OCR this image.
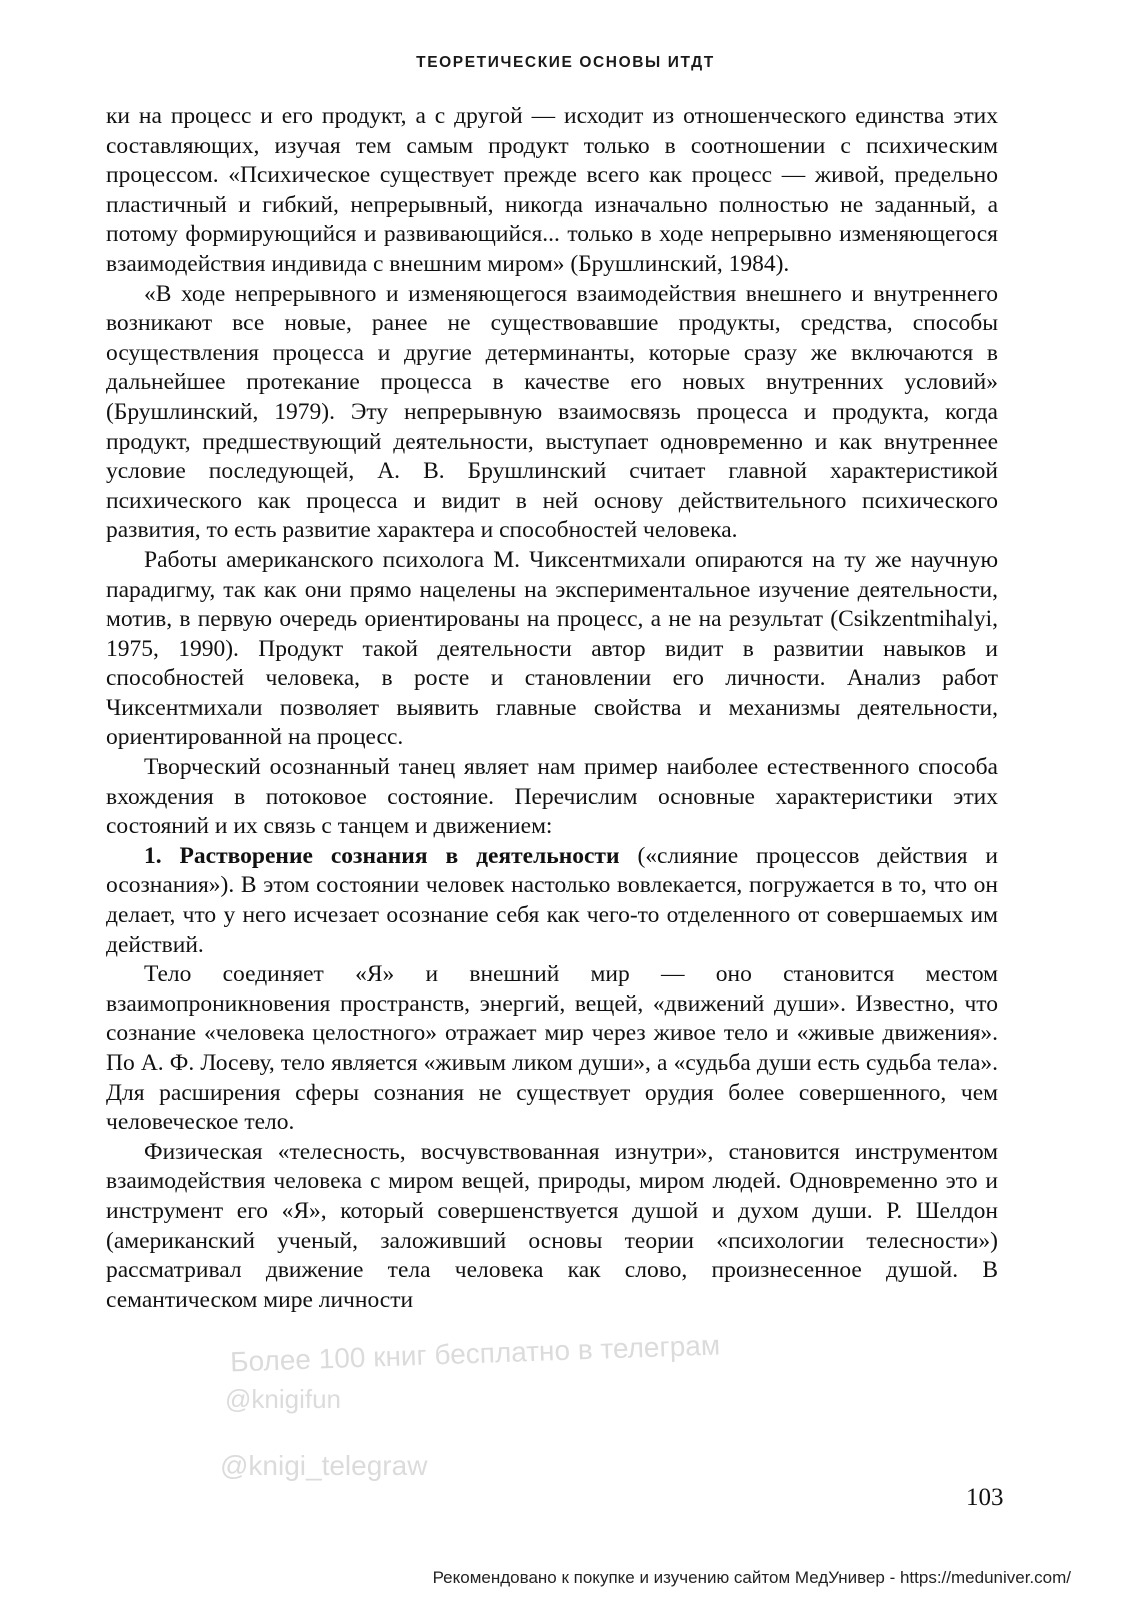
ТЕОРЕТИЧЕСКИЕ ОСНОВЫ ИТДТ

ки на процесс и его продукт, а с другой — исходит из отношенческого единства этих составляющих, изучая тем самым продукт только в соотношении с психическим процессом. «Психическое существует прежде всего как процесс — живой, предельно пластичный и гибкий, непрерывный, никогда изначально полностью не заданный, а потому формирующийся и развивающийся... только в ходе непрерывно изменяющегося взаимодействия индивида с внешним миром» (Брушлинский, 1984).

«В ходе непрерывного и изменяющегося взаимодействия внешнего и внутреннего возникают все новые, ранее не существовавшие продукты, средства, способы осуществления процесса и другие детерминанты, которые сразу же включаются в дальнейшее протекание процесса в качестве его новых внутренних условий» (Брушлинский, 1979). Эту непрерывную взаимосвязь процесса и продукта, когда продукт, предшествующий деятельности, выступает одновременно и как внутреннее условие последующей, А. В. Брушлинский считает главной характеристикой психического как процесса и видит в ней основу действительного психического развития, то есть развитие характера и способностей человека.

Работы американского психолога М. Чиксентмихали опираются на ту же научную парадигму, так как они прямо нацелены на экспериментальное изучение деятельности, мотив, в первую очередь ориентированы на процесс, а не на результат (Csikzentmihalyi, 1975, 1990). Продукт такой деятельности автор видит в развитии навыков и способностей человека, в росте и становлении его личности. Анализ работ Чиксентмихали позволяет выявить главные свойства и механизмы деятельности, ориентированной на процесс.

Творческий осознанный танец являет нам пример наиболее естественного способа вхождения в потоковое состояние. Перечислим основные характеристики этих состояний и их связь с танцем и движением:

1. Растворение сознания в деятельности («слияние процессов действия и осознания»). В этом состоянии человек настолько вовлекается, погружается в то, что он делает, что у него исчезает осознание себя как чего-то отделенного от совершаемых им действий.

Тело соединяет «Я» и внешний мир — оно становится местом взаимопроникновения пространств, энергий, вещей, «движений души». Известно, что сознание «человека целостного» отражает мир через живое тело и «живые движения». По А. Ф. Лосеву, тело является «живым ликом души», а «судьба души есть судьба тела». Для расширения сферы сознания не существует орудия более совершенного, чем человеческое тело.

Физическая «телесность, восчувствованная изнутри», становится инструментом взаимодействия человека с миром вещей, природы, миром людей. Одновременно это и инструмент его «Я», который совершенствуется душой и духом души. Р. Шелдон (американский ученый, заложивший основы теории «психологии телесности») рассматривал движение тела человека как слово, произнесенное душой. В семантическом мире личности

Более 100 книг бесплатно в телеграм
@knigifun
@knigi_telegraw
103
Рекомендовано к покупке и изучению сайтом МедУнивер - https://meduniver.com/
